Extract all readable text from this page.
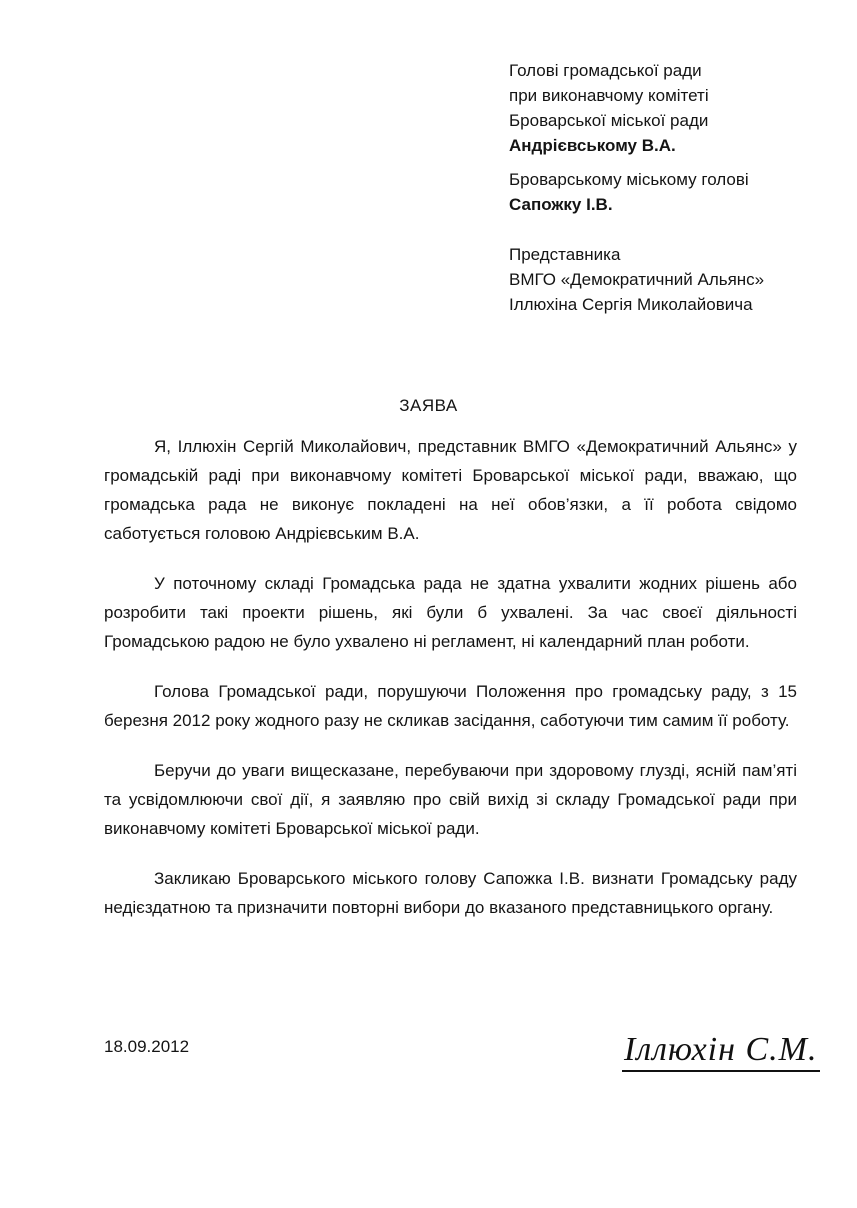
Голові громадської ради
при виконавчому комітеті
Броварської міської ради
Андрієвському В.А.
Броварському міському голові
Сапожку І.В.
Представника
ВМГО «Демократичний Альянс»
Іллюхіна Сергія Миколайовича
ЗАЯВА

Я, Іллюхін Сергій Миколайович, представник ВМГО «Демократичний Альянс» у громадській раді при виконавчому комітеті Броварської міської ради, вважаю, що громадська рада не виконує покладені на неї обов’язки, а її робота свідомо саботується головою Андрієвським В.А.

У поточному складі Громадська рада не здатна ухвалити жодних рішень або розробити такі проекти рішень, які були б ухвалені. За час своєї діяльності Громадською радою не було ухвалено ні регламент, ні календарний план роботи.

Голова Громадської ради, порушуючи Положення про громадську раду, з 15 березня 2012 року жодного разу не скликав засідання, саботуючи тим самим її роботу.

Беручи до уваги вищесказане, перебуваючи при здоровому глузді, ясній пам’яті та усвідомлюючи свої дії, я заявляю про свій вихід зі складу Громадської ради при виконавчому комітеті Броварської міської ради.

Закликаю Броварського міського голову Сапожка І.В. визнати Громадську раду недієздатною та призначити повторні вибори до вказаного представницького органу.

18.09.2012	Іллюхін С.М.
